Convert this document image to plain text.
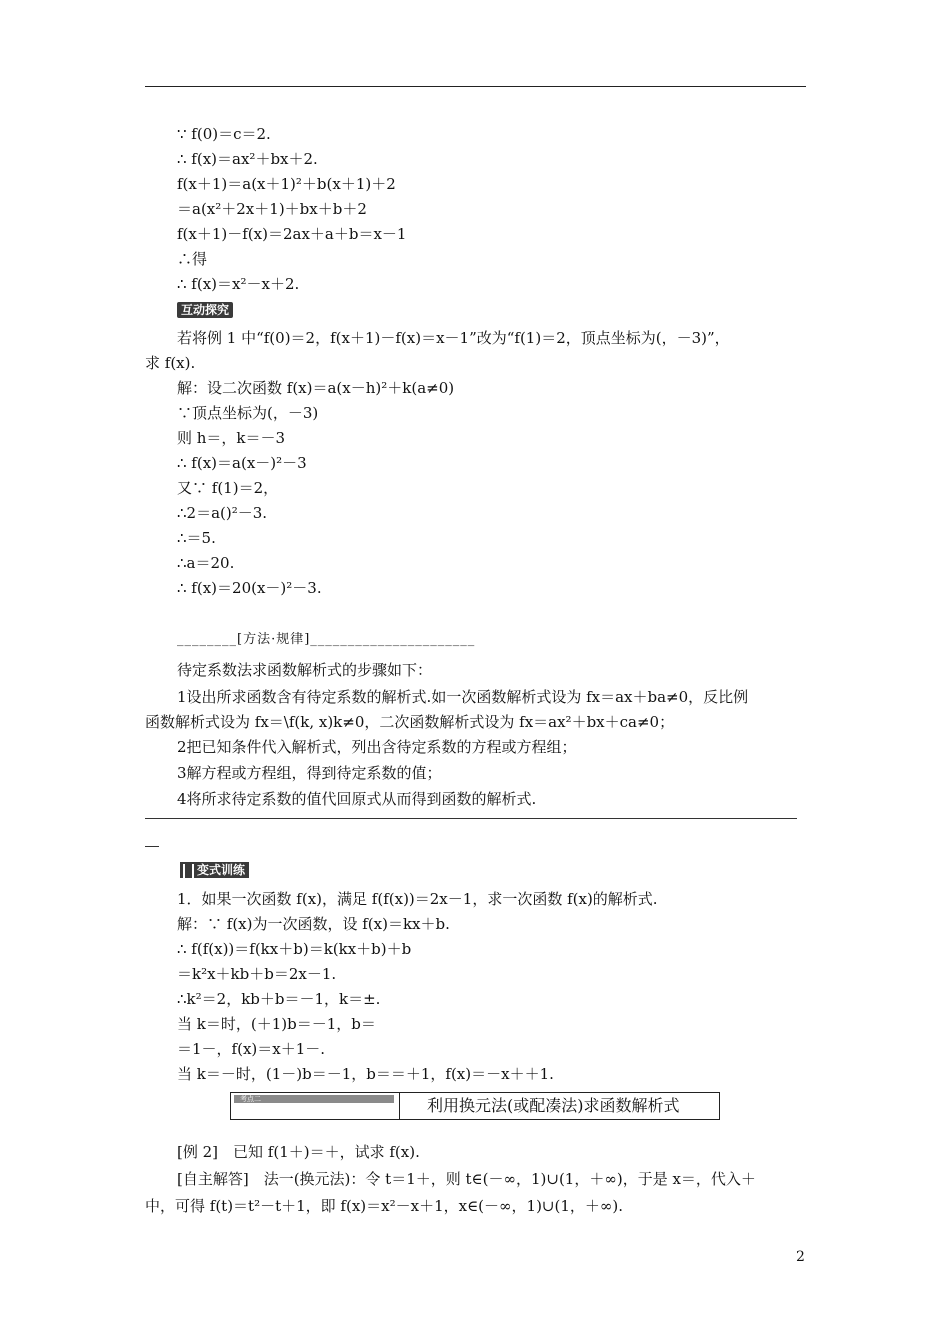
∵ f(0)＝c＝2.
∴ f(x)＝ax²＋bx＋2.
f(x＋1)＝a(x＋1)²＋b(x＋1)＋2
＝a(x²＋2x＋1)＋bx＋b＋2
f(x＋1)－f(x)＝2ax＋a＋b＝x－1
∴得
∴ f(x)＝x²－x＋2.
互动探究
若将例 1 中“f(0)＝2，f(x＋1)－f(x)＝x－1”改为“f(1)＝2，顶点坐标为(，－3)”，
求 f(x).
解：设二次函数 f(x)＝a(x－h)²＋k(a≠0)
∵顶点坐标为(，－3)
则 h＝，k＝－3
∴ f(x)＝a(x－)²－3
又∵ f(1)＝2，
∴2＝a()²－3.
∴＝5.
∴a＝20.
∴ f(x)＝20(x－)²－3.
________[方法·规律]______________________
待定系数法求函数解析式的步骤如下：
1设出所求函数含有待定系数的解析式.如一次函数解析式设为 fx＝ax＋ba≠0，反比例
函数解析式设为 fx＝\f(k, x)k≠0，二次函数解析式设为 fx＝ax²＋bx＋ca≠0；
2把已知条件代入解析式，列出含待定系数的方程或方程组；
3解方程或方程组，得到待定系数的值；
4将所求待定系数的值代回原式从而得到函数的解析式.
变式训练
1．如果一次函数 f(x)，满足 f(f(x))＝2x－1，求一次函数 f(x)的解析式.
解：∵ f(x)为一次函数，设 f(x)＝kx＋b.
∴ f(f(x))＝f(kx＋b)＝k(kx＋b)＋b
＝k²x＋kb＋b＝2x－1.
∴k²＝2，kb＋b＝－1，k＝±.
当 k＝时，(＋1)b＝－1，b＝
＝1－，f(x)＝x＋1－.
当 k＝－时，(1－)b＝－1，b＝＝＋1，f(x)＝－x＋＋1.
考点二	利用换元法(或配凑法)求函数解析式
[例 2]　已知 f(1＋)＝＋，试求 f(x).
[自主解答]　法一(换元法)：令 t＝1＋，则 t∈(－∞，1)∪(1，＋∞)，于是 x＝，代入＋
中，可得 f(t)＝t²－t＋1，即 f(x)＝x²－x＋1，x∈(－∞，1)∪(1，＋∞).
2
